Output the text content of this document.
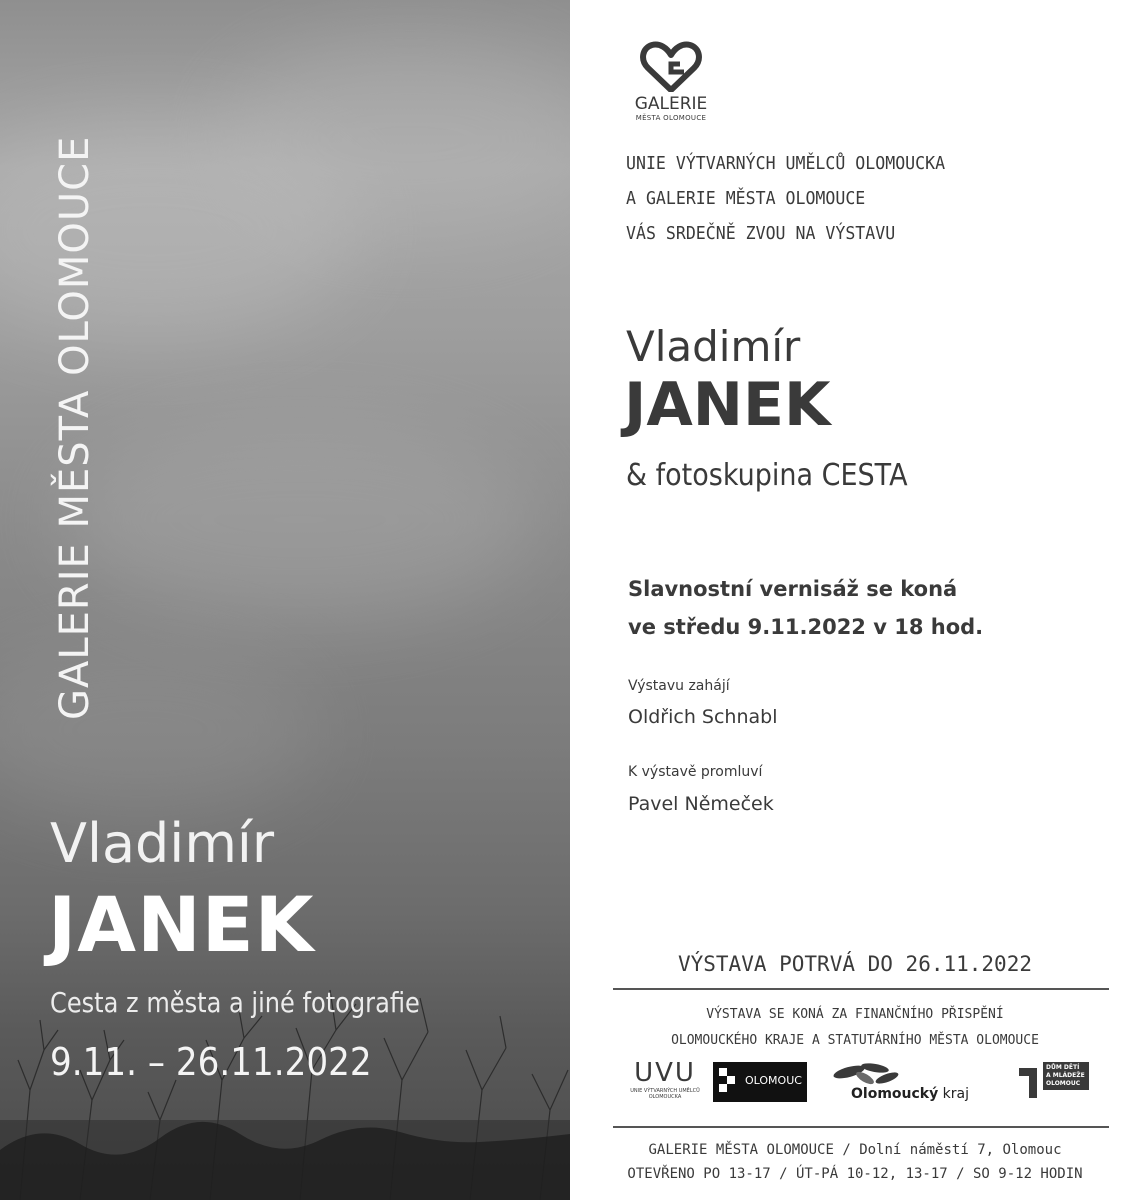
GALERIE MĚSTA OLOMOUCE
Vladimír
JANEK
Cesta z města a jiné fotografie
9.11. – 26.11.2022
GALERIE
MĚSTA OLOMOUCE
UNIE VÝTVARNÝCH UMĚLCŮ OLOMOUCKA
A GALERIE MĚSTA OLOMOUCE
VÁS SRDEČNĚ ZVOU NA VÝSTAVU
Vladimír
JANEK
& fotoskupina CESTA
Slavnostní vernisáž se koná
ve středu 9.11.2022 v 18 hod.
Výstavu zahájí
Oldřich Schnabl
K výstavě promluví
Pavel Němeček
VÝSTAVA POTRVÁ DO 26.11.2022
VÝSTAVA SE KONÁ ZA FINANČNÍHO PŘISPĚNÍ
OLOMOUCKÉHO KRAJE A STATUTÁRNÍHO MĚSTA OLOMOUCE
UVU
UNIE VÝTVARNÝCH UMĚLCŮ
OLOMOUCKA
OLOMOUC
Olomoucký kraj
DŮM DĚTÍ
A MLÁDEŽE
OLOMOUC
GALERIE MĚSTA OLOMOUCE / Dolní náměstí 7, Olomouc
OTEVŘENO PO 13-17 / ÚT-PÁ 10-12, 13-17 / SO 9-12 HODIN
